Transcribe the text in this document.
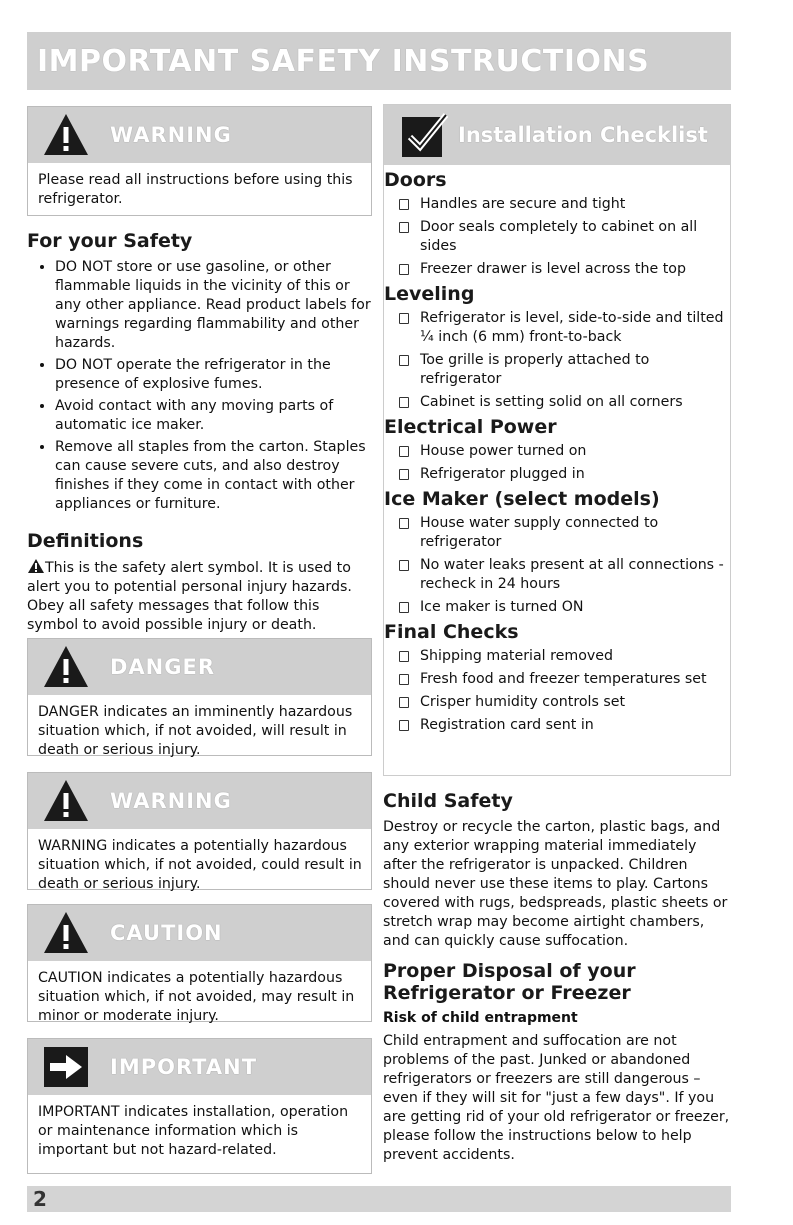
IMPORTANT SAFETY INSTRUCTIONS
WARNING
Please read all instructions before using this refrigerator.
For your Safety
• DO NOT store or use gasoline, or other flammable liquids in the vicinity of this or any other appliance. Read product labels for warnings regarding flammability and other hazards.
• DO NOT operate the refrigerator in the presence of explosive fumes.
• Avoid contact with any moving parts of automatic ice maker.
• Remove all staples from the carton. Staples can cause severe cuts, and also destroy finishes if they come in contact with other appliances or furniture.
Definitions

This is the safety alert symbol. It is used to alert you to potential personal injury hazards. Obey all safety messages that follow this symbol to avoid possible injury or death.

DANGER
DANGER indicates an imminently hazardous situation which, if not avoided, will result in death or serious injury.
WARNING
WARNING indicates a potentially hazardous situation which, if not avoided, could result in death or serious injury.
CAUTION
CAUTION indicates a potentially hazardous situation which, if not avoided, may result in minor or moderate injury.
IMPORTANT
IMPORTANT indicates installation, operation or maintenance information which is important but not hazard-related.
Installation Checklist
Doors
Handles are secure and tight
Door seals completely to cabinet on all sides
Freezer drawer is level across the top
Leveling
Refrigerator is level, side-to-side and tilted ¼ inch (6 mm) front-to-back
Toe grille is properly attached to refrigerator
Cabinet is setting solid on all corners
Electrical Power
House power turned on
Refrigerator plugged in
Ice Maker (select models)
House water supply connected to refrigerator
No water leaks present at all connections - recheck in 24 hours
Ice maker is turned ON
Final Checks
Shipping material removed
Fresh food and freezer temperatures set
Crisper humidity controls set
Registration card sent in
Child Safety

Destroy or recycle the carton, plastic bags, and any exterior wrapping material immediately after the refrigerator is unpacked. Children should never use these items to play. Cartons covered with rugs, bedspreads, plastic sheets or stretch wrap may become airtight chambers, and can quickly cause suffocation.

Proper Disposal of your Refrigerator or Freezer
Risk of child entrapment

Child entrapment and suffocation are not problems of the past. Junked or abandoned refrigerators or freezers are still dangerous – even if they will sit for "just a few days". If you are getting rid of your old refrigerator or freezer, please follow the instructions below to help prevent accidents.

2
